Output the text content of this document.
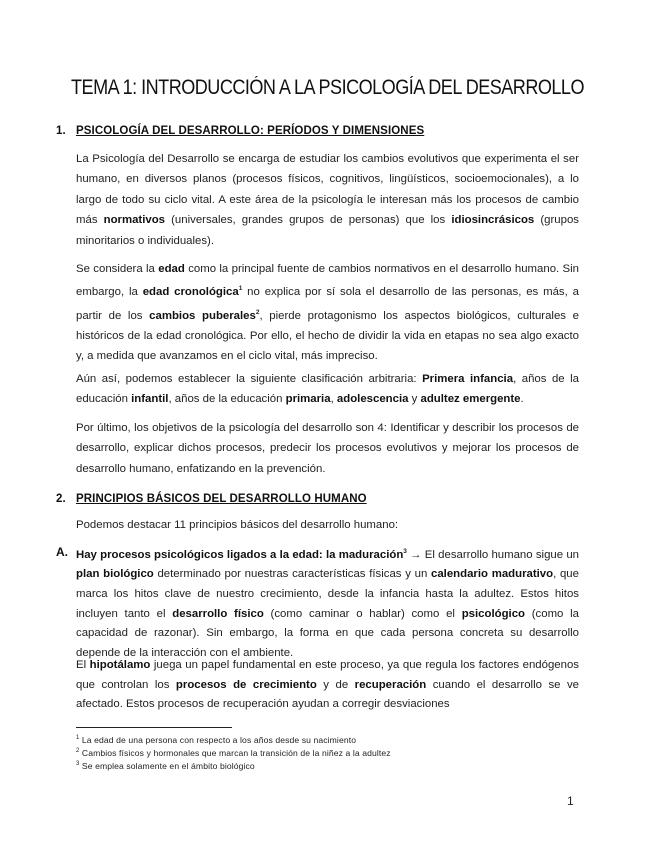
TEMA 1: INTRODUCCIÓN A LA PSICOLOGÍA DEL DESARROLLO
1. PSICOLOGÍA DEL DESARROLLO: PERÍODOS Y DIMENSIONES

La Psicología del Desarrollo se encarga de estudiar los cambios evolutivos que experimenta el ser humano, en diversos planos (procesos físicos, cognitivos, lingüísticos, socioemocionales), a lo largo de todo su ciclo vital. A este área de la psicología le interesan más los procesos de cambio más normativos (universales, grandes grupos de personas) que los idiosincrásicos (grupos minoritarios o individuales).

Se considera la edad como la principal fuente de cambios normativos en el desarrollo humano. Sin embargo, la edad cronológica$^1$ no explica por sí sola el desarrollo de las personas, es más, a partir de los cambios puberales$^2$, pierde protagonismo los aspectos biológicos, culturales e históricos de la edad cronológica. Por ello, el hecho de dividir la vida en etapas no sea algo exacto y, a medida que avanzamos en el ciclo vital, más impreciso.

Aún así, podemos establecer la siguiente clasificación arbitraria: Primera infancia, años de la educación infantil, años de la educación primaria, adolescencia y adultez emergente.

Por último, los objetivos de la psicología del desarrollo son 4: Identificar y describir los procesos de desarrollo, explicar dichos procesos, predecir los procesos evolutivos y mejorar los procesos de desarrollo humano, enfatizando en la prevención.

2. PRINCIPIOS BÁSICOS DEL DESARROLLO HUMANO

Podemos destacar 11 principios básicos del desarrollo humano:

A. Hay procesos psicológicos ligados a la edad: la maduración$^3$ → El desarrollo humano sigue un plan biológico determinado por nuestras características físicas y un calendario madurativo, que marca los hitos clave de nuestro crecimiento, desde la infancia hasta la adultez. Estos hitos incluyen tanto el desarrollo físico (como caminar o hablar) como el psicológico (como la capacidad de razonar). Sin embargo, la forma en que cada persona concreta su desarrollo depende de la interacción con el ambiente.

El hipotálamo juega un papel fundamental en este proceso, ya que regula los factores endógenos que controlan los procesos de crecimiento y de recuperación cuando el desarrollo se ve afectado. Estos procesos de recuperación ayudan a corregir desviaciones

$^1$ La edad de una persona con respecto a los años desde su nacimiento
$^2$ Cambios físicos y hormonales que marcan la transición de la niñez a la adultez
$^3$ Se emplea solamente en el ámbito biológico
1
